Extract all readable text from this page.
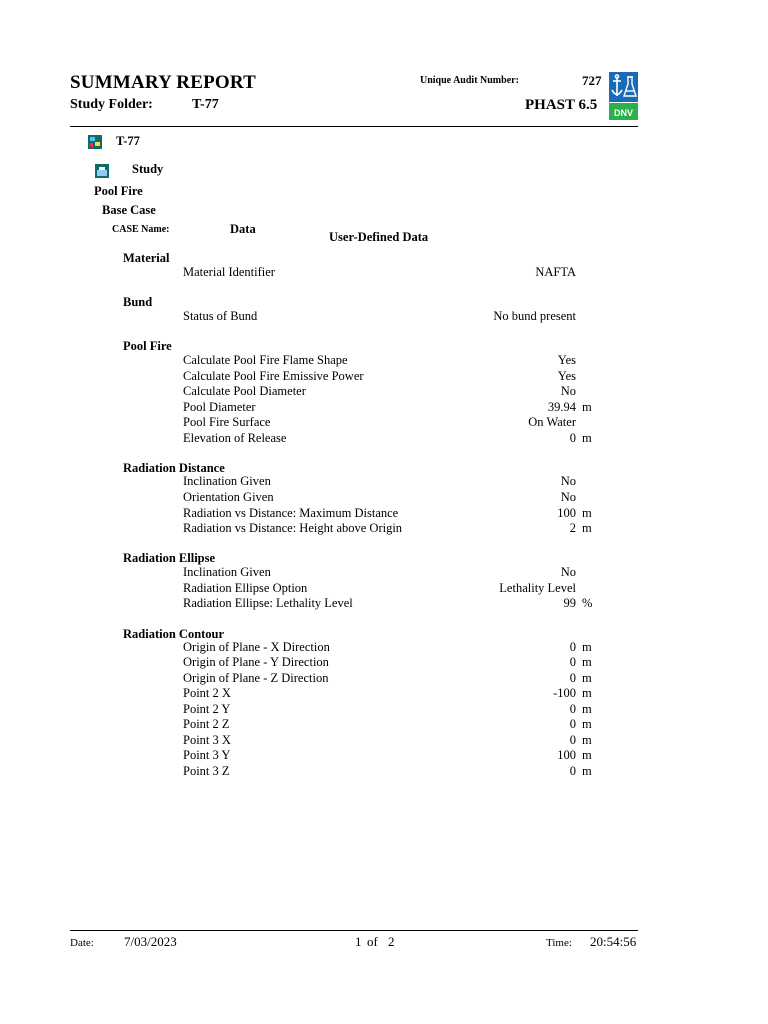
SUMMARY REPORT
Study Folder:	T-77
Unique Audit Number:	727
PHAST 6.5 DNV
T-77
Study
Pool Fire
Base Case
CASE Name:	Data
User-Defined Data
Material
Material Identifier	NAFTA
Bund
Status of Bund	No bund present
Pool Fire
Calculate Pool Fire Flame Shape	Yes
Calculate Pool Fire Emissive Power	Yes
Calculate Pool Diameter	No
Pool Diameter	39.94 m
Pool Fire Surface	On Water
Elevation of Release	0 m
Radiation Distance
Inclination Given	No
Orientation Given	No
Radiation vs Distance: Maximum Distance	100 m
Radiation vs Distance: Height above Origin	2 m
Radiation Ellipse
Inclination Given	No
Radiation Ellipse Option	Lethality Level
Radiation Ellipse: Lethality Level	99 %
Radiation Contour
Origin of Plane - X Direction	0 m
Origin of Plane - Y Direction	0 m
Origin of Plane - Z Direction	0 m
Point 2 X	-100 m
Point 2 Y	0 m
Point 2 Z	0 m
Point 3 X	0 m
Point 3 Y	100 m
Point 3 Z	0 m
Date: 7/03/2023	1 of 2	Time: 20:54:56
